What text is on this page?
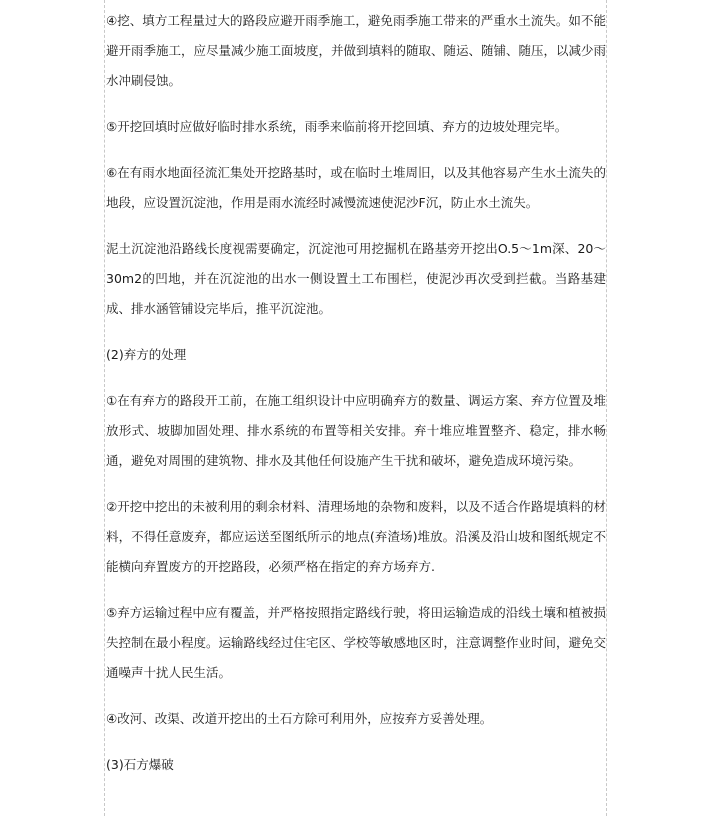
④挖、填方工程量过大的路段应避开雨季施工，避免雨季施工带来的严重水土流失。如不能避开雨季施工，应尽量减少施工面坡度，并做到填料的随取、随运、随铺、随压，以减少雨水冲刷侵蚀。

⑤开挖回填时应做好临时排水系统，雨季来临前将开挖回填、弃方的边坡处理完毕。

⑥在有雨水地面径流汇集处开挖路基时，或在临时土堆周旧，以及其他容易产生水土流失的地段，应设置沉淀池，作用是雨水流经时减慢流速使泥沙F沉，防止水土流失。

泥土沉淀池沿路线长度视需要确定，沉淀池可用挖掘机在路基旁开挖出O.5～1m深、20～30m2的凹地，并在沉淀池的出水一侧设置土工布围栏，使泥沙再次受到拦截。当路基建成、排水涵管铺设完毕后，推平沉淀池。

(2)弃方的处理

①在有弃方的路段开工前，在施工组织设计中应明确弃方的数量、调运方案、弃方位置及堆放形式、坡脚加固处理、排水系统的布置等相关安排。弃十堆应堆置整齐、稳定，排水畅通，避免对周围的建筑物、排水及其他任何设施产生干扰和破坏，避免造成环境污染。

②开挖中挖出的未被利用的剩余材料、清理场地的杂物和废料，以及不适合作路堤填料的材料，不得任意废弃，都应运送至图纸所示的地点(弃渣场)堆放。沿溪及沿山坡和图纸规定不能横向弃置废方的开挖路段，必须严格在指定的弃方场弃方.

⑤弃方运输过程中应有覆盖，并严格按照指定路线行驶，将田运输造成的沿线土壤和植被损失控制在最小程度。运输路线经过住宅区、学校等敏感地区时，注意调整作业时间，避免交通噪声十扰人民生活。

④改河、改渠、改道开挖出的土石方除可利用外，应按弃方妥善处理。

(3)石方爆破
